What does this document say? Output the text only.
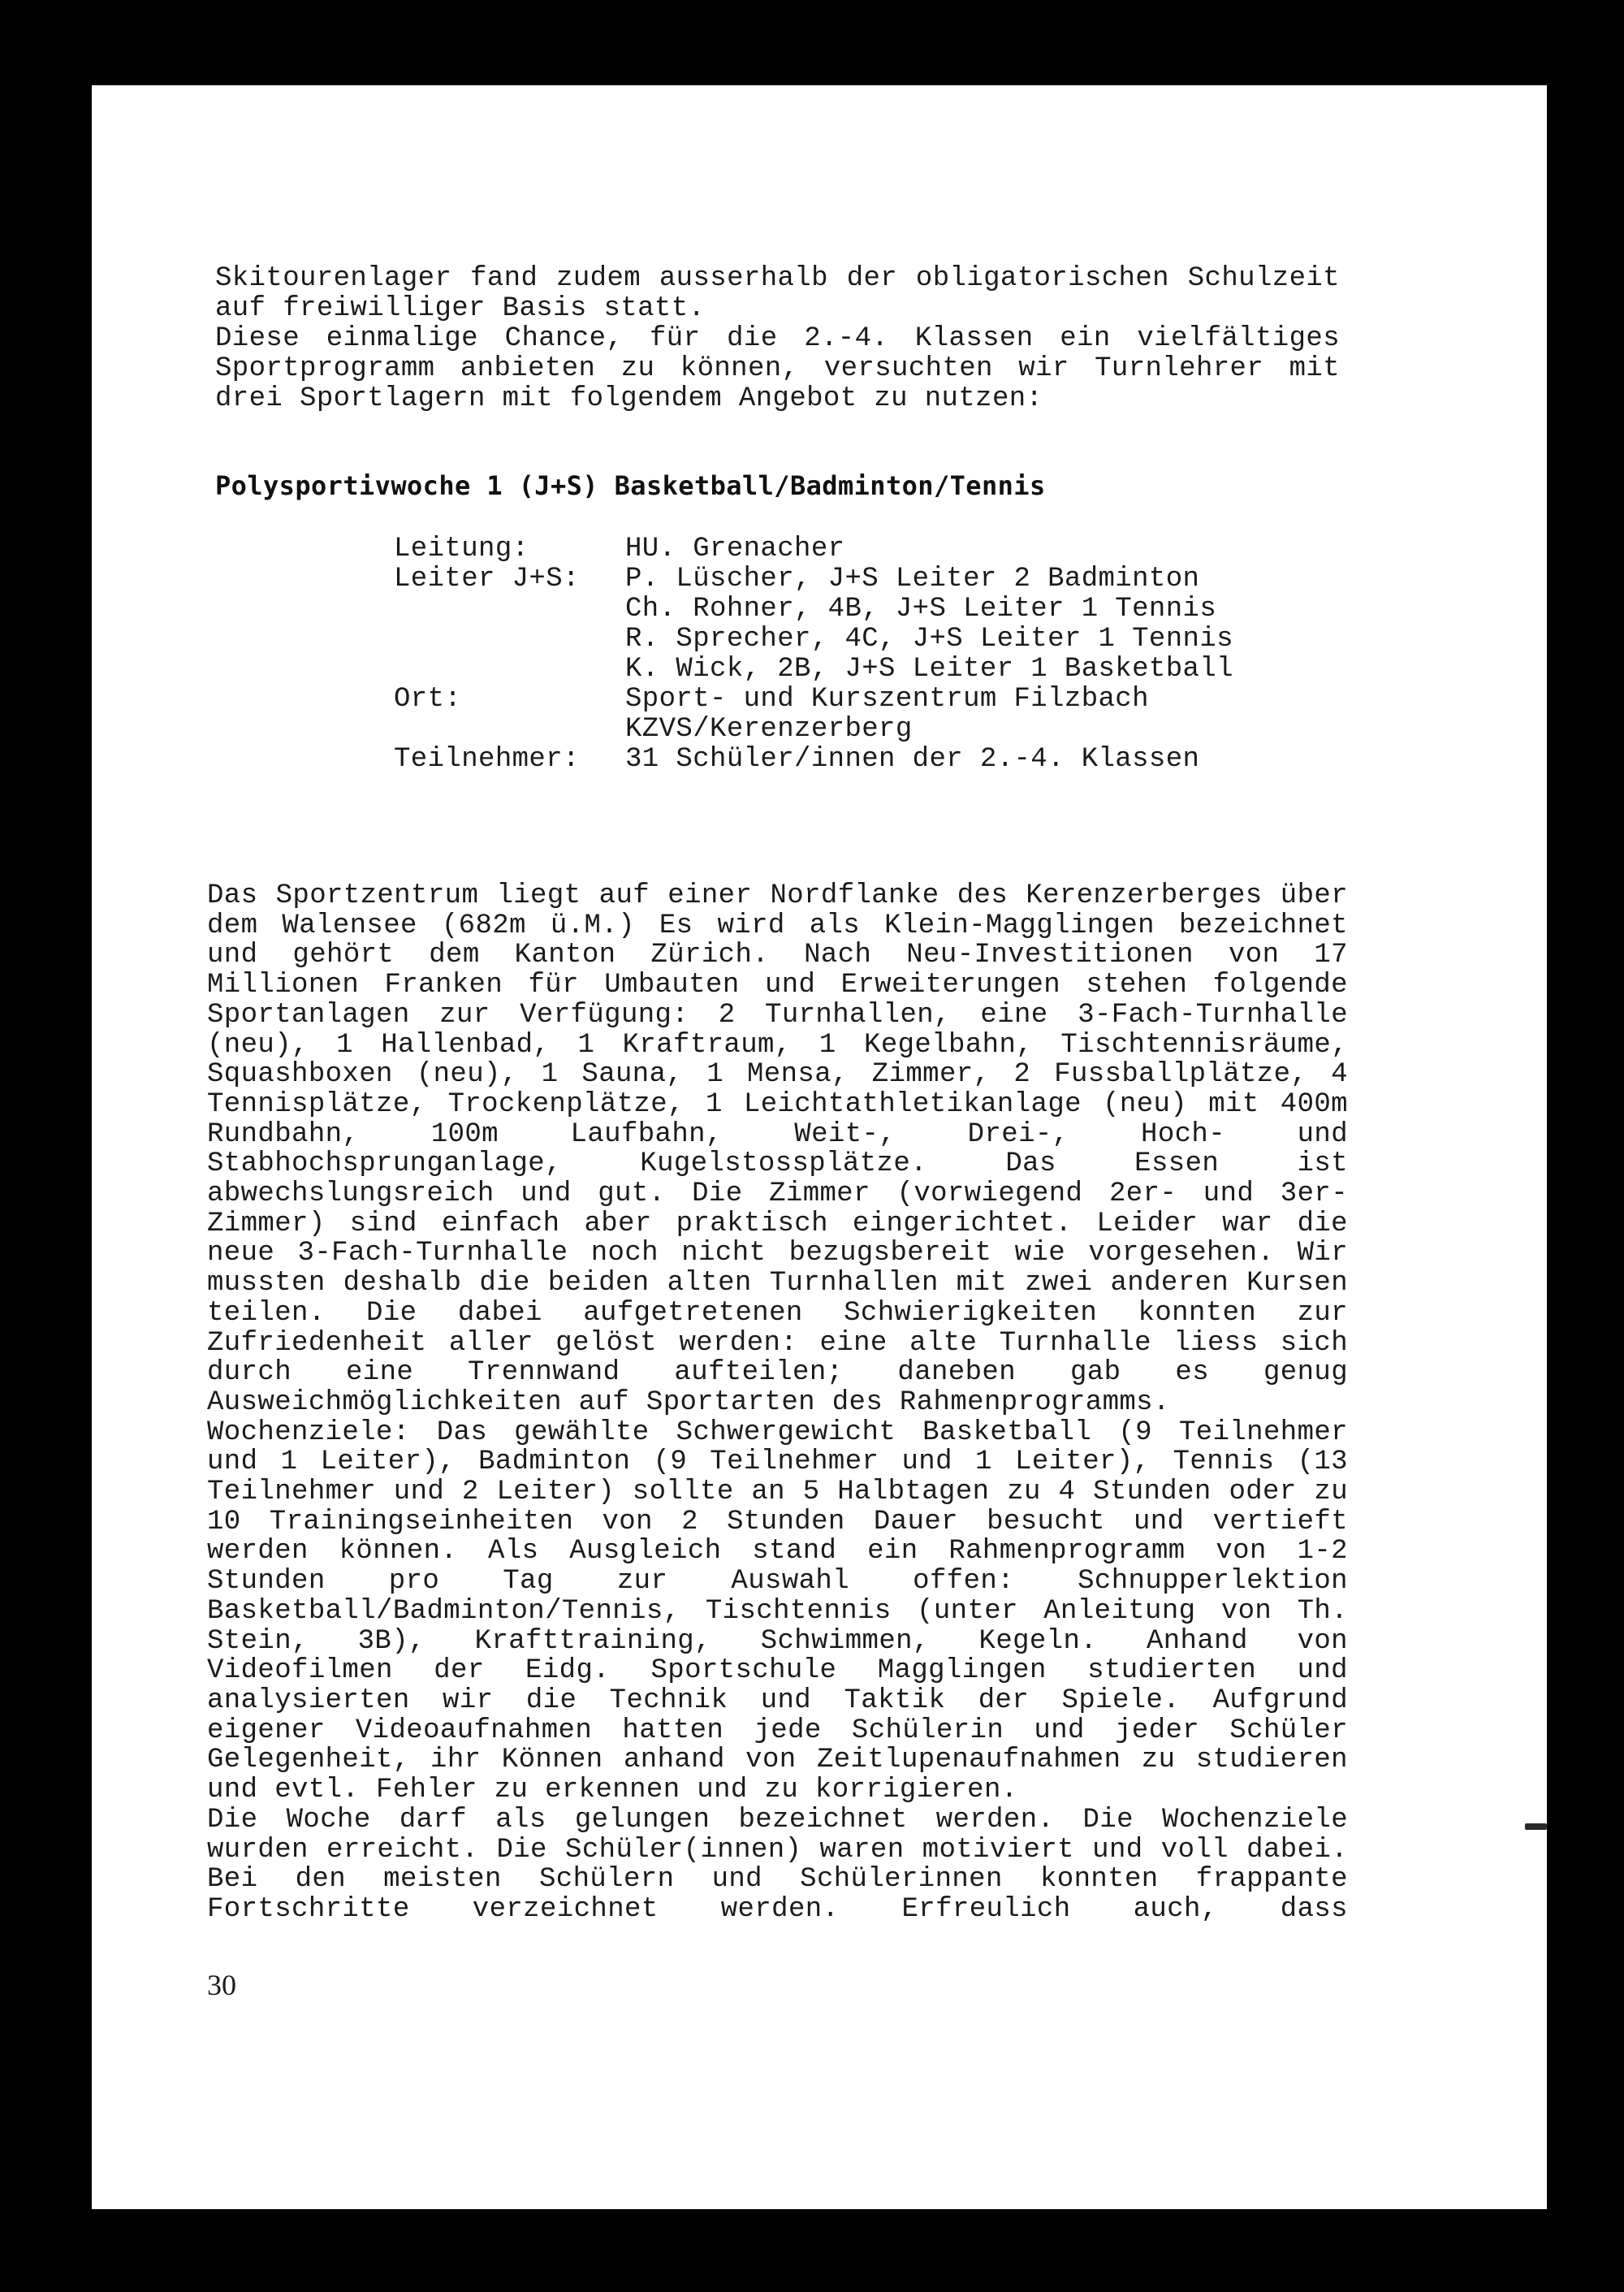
Skitourenlager fand zudem ausserhalb der obligatorischen Schulzeit auf freiwilliger Basis statt.

Diese einmalige Chance, für die 2.-4. Klassen ein vielfältiges Sportprogramm anbieten zu können, versuchten wir Turnlehrer mit drei Sportlagern mit folgendem Angebot zu nutzen:

Polysportivwoche 1 (J+S) Basketball/Badminton/Tennis
Leitung:	HU. Grenacher
Leiter J+S:	P. Lüscher, J+S Leiter 2 Badminton
Ch. Rohner, 4B, J+S Leiter 1 Tennis
R. Sprecher, 4C, J+S Leiter 1 Tennis
K. Wick, 2B, J+S Leiter 1 Basketball
Ort:	Sport- und Kurszentrum Filzbach
KZVS/Kerenzerberg
Teilnehmer:	31 Schüler/innen der 2.-4. Klassen

Das Sportzentrum liegt auf einer Nordflanke des Kerenzerberges über dem Walensee (682m ü.M.) Es wird als Klein-Magglingen bezeichnet und gehört dem Kanton Zürich. Nach Neu-Investitionen von 17 Millionen Franken für Umbauten und Erweiterungen stehen folgende Sportanlagen zur Verfügung: 2 Turnhallen, eine 3-Fach-Turnhalle (neu), 1 Hallenbad, 1 Kraftraum, 1 Kegelbahn, Tischtennisräume, Squashboxen (neu), 1 Sauna, 1 Mensa, Zimmer, 2 Fussballplätze, 4 Tennisplätze, Trockenplätze, 1 Leichtathletikanlage (neu) mit 400m Rundbahn, 100m Laufbahn, Weit-, Drei-, Hoch- und Stabhochsprunganlage, Kugelstossplätze. Das Essen ist abwechslungsreich und gut. Die Zimmer (vorwiegend 2er- und 3er-Zimmer) sind einfach aber praktisch eingerichtet. Leider war die neue 3-Fach-Turnhalle noch nicht bezugsbereit wie vorgesehen. Wir mussten deshalb die beiden alten Turnhallen mit zwei anderen Kursen teilen. Die dabei aufgetretenen Schwierigkeiten konnten zur Zufriedenheit aller gelöst werden: eine alte Turnhalle liess sich durch eine Trennwand aufteilen; daneben gab es genug Ausweichmöglichkeiten auf Sportarten des Rahmenprogramms.

Wochenziele: Das gewählte Schwergewicht Basketball (9 Teilnehmer und 1 Leiter), Badminton (9 Teilnehmer und 1 Leiter), Tennis (13 Teilnehmer und 2 Leiter) sollte an 5 Halbtagen zu 4 Stunden oder zu 10 Trainingseinheiten von 2 Stunden Dauer besucht und vertieft werden können. Als Ausgleich stand ein Rahmenprogramm von 1-2 Stunden pro Tag zur Auswahl offen: Schnupperlektion Basketball/Badminton/Tennis, Tischtennis (unter Anleitung von Th. Stein, 3B), Krafttraining, Schwimmen, Kegeln. Anhand von Videofilmen der Eidg. Sportschule Magglingen studierten und analysierten wir die Technik und Taktik der Spiele. Aufgrund eigener Videoaufnahmen hatten jede Schülerin und jeder Schüler Gelegenheit, ihr Können anhand von Zeitlupenaufnahmen zu studieren und evtl. Fehler zu erkennen und zu korrigieren.

Die Woche darf als gelungen bezeichnet werden. Die Wochenziele wurden erreicht. Die Schüler(innen) waren motiviert und voll dabei. Bei den meisten Schülern und Schülerinnen konnten frappante Fortschritte verzeichnet werden. Erfreulich auch, dass

30
